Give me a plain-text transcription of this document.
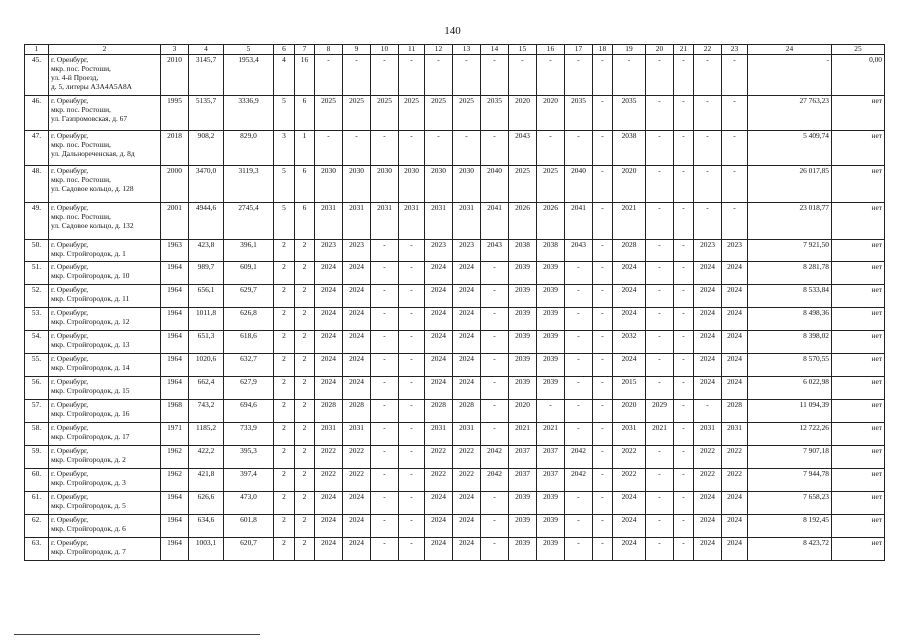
140
1	2	3	4	5	6	7	8	9	10	11	12	13	14	15	16	17	18	19	20	21	22	23	24	25	
45.	г. Оренбург,
мкр. пос. Ростоши,
ул. 4-й Проезд,
д. 5, литеры А3А4А5А8А	2010	3145,7	1953,4	4	16	-	-	-	-	-	-	-	-	-	-	-	-	-	-	-	-	-	0,00	
46.	г. Оренбург,
мкр. пос. Ростоши,
ул. Газпромовская, д. 67	1995	5135,7	3336,9	5	6	2025	2025	2025	2025	2025	2025	2035	2020	2020	2035	-	2035	-	-	-	-	27 763,23	нет	
47.	г. Оренбург,
мкр. пос. Ростоши,
ул. Дальнореченская, д. 8д	2018	908,2	829,0	3	1	-	-	-	-	-	-	-	2043	-	-	-	2038	-	-	-	-	5 409,74	нет	
48.	г. Оренбург,
мкр. пос. Ростоши,
ул. Садовое кольцо, д. 128	2000	3470,0	3119,3	5	6	2030	2030	2030	2030	2030	2030	2040	2025	2025	2040	-	2020	-	-	-	-	26 017,85	нет	
49.	г. Оренбург,
мкр. пос. Ростоши,
ул. Садовое кольцо, д. 132	2001	4944,6	2745,4	5	6	2031	2031	2031	2031	2031	2031	2041	2026	2026	2041	-	2021	-	-	-	-	23 018,77	нет	
50.	г. Оренбург,
мкр. Стройгородок, д. 1	1963	423,8	396,1	2	2	2023	2023	-	-	2023	2023	2043	2038	2038	2043	-	2028	-	-	2023	2023	7 921,50	нет	
51.	г. Оренбург,
мкр. Стройгородок, д. 10	1964	989,7	609,1	2	2	2024	2024	-	-	2024	2024	-	2039	2039	-	-	2024	-	-	2024	2024	8 281,78	нет	
52.	г. Оренбург,
мкр. Стройгородок, д. 11	1964	656,1	629,7	2	2	2024	2024	-	-	2024	2024	-	2039	2039	-	-	2024	-	-	2024	2024	8 533,84	нет	
53.	г. Оренбург,
мкр. Стройгородок, д. 12	1964	1011,8	626,8	2	2	2024	2024	-	-	2024	2024	-	2039	2039	-	-	2024	-	-	2024	2024	8 498,36	нет	
54.	г. Оренбург,
мкр. Стройгородок, д. 13	1964	651,3	618,6	2	2	2024	2024	-	-	2024	2024	-	2039	2039	-	-	2032	-	-	2024	2024	8 398,02	нет	
55.	г. Оренбург,
мкр. Стройгородок, д. 14	1964	1020,6	632,7	2	2	2024	2024	-	-	2024	2024	-	2039	2039	-	-	2024	-	-	2024	2024	8 570,55	нет	
56.	г. Оренбург,
мкр. Стройгородок, д. 15	1964	662,4	627,9	2	2	2024	2024	-	-	2024	2024	-	2039	2039	-	-	2015	-	-	2024	2024	6 022,98	нет	
57.	г. Оренбург,
мкр. Стройгородок, д. 16	1968	743,2	694,6	2	2	2028	2028	-	-	2028	2028	-	2020	-	-	-	2020	2029	-	-	2028	11 094,39	нет	
58.	г. Оренбург,
мкр. Стройгородок, д. 17	1971	1185,2	733,9	2	2	2031	2031	-	-	2031	2031	-	2021	2021	-	-	2031	2021	-	2031	2031	12 722,26	нет	
59.	г. Оренбург,
мкр. Стройгородок, д. 2	1962	422,2	395,3	2	2	2022	2022	-	-	2022	2022	2042	2037	2037	2042	-	2022	-	-	2022	2022	7 907,18	нет	
60.	г. Оренбург,
мкр. Стройгородок, д. 3	1962	421,8	397,4	2	2	2022	2022	-	-	2022	2022	2042	2037	2037	2042	-	2022	-	-	2022	2022	7 944,78	нет	
61.	г. Оренбург,
мкр. Стройгородок, д. 5	1964	626,6	473,0	2	2	2024	2024	-	-	2024	2024	-	2039	2039	-	-	2024	-	-	2024	2024	7 658,23	нет	
62.	г. Оренбург,
мкр. Стройгородок, д. 6	1964	634,6	601,8	2	2	2024	2024	-	-	2024	2024	-	2039	2039	-	-	2024	-	-	2024	2024	8 192,45	нет	
63.	г. Оренбург,
мкр. Стройгородок, д. 7	1964	1003,1	620,7	2	2	2024	2024	-	-	2024	2024	-	2039	2039	-	-	2024	-	-	2024	2024	8 423,72	нет	
